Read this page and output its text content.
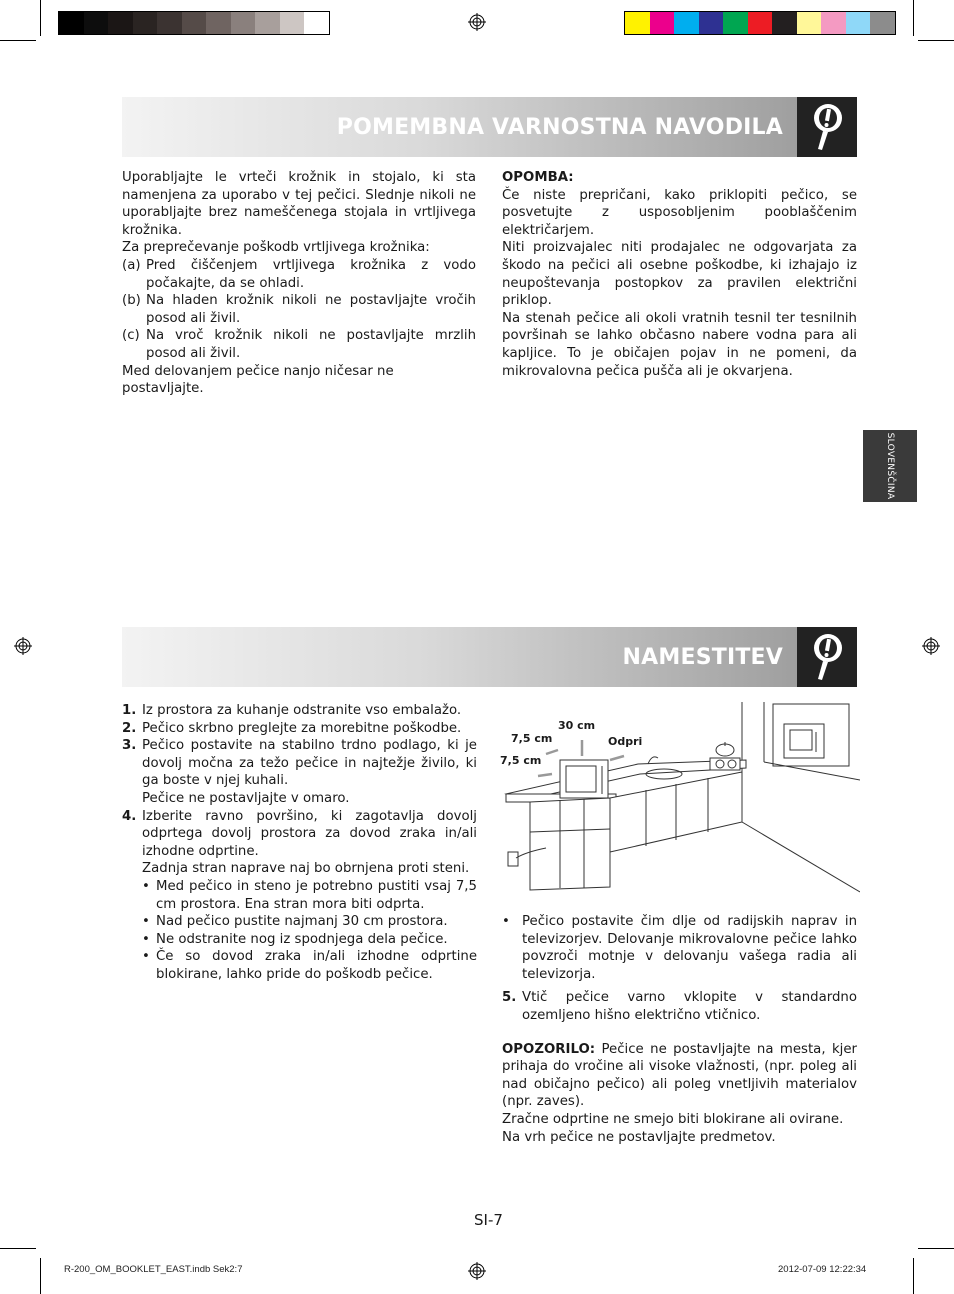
POMEMBNA VARNOSTNA NAVODILA

Uporabljajte le vrteči krožnik in stojalo, ki sta namenjena za uporabo v tej pečici. Slednje nikoli ne uporabljajte brez nameščenega stojala in vrtljivega krožnika.

Za preprečevanje poškodb vrtljivega krožnika:

(a) Pred čiščenjem vrtljivega krožnika z vodo počakajte, da se ohladi.
(b) Na hladen krožnik nikoli ne postavljajte vročih posod ali živil.
(c) Na vroč krožnik nikoli ne postavljajte mrzlih posod ali živil.

Med delovanjem pečice nanjo ničesar ne postavljajte.

OPOMBA:

Če niste prepričani, kako priklopiti pečico, se posvetujte z usposobljenim pooblaščenim električarjem.

Niti proizvajalec niti prodajalec ne odgovarjata za škodo na pečici ali osebne poškodbe, ki izhajajo iz neupoštevanja postopkov za pravilen električni priklop.

Na stenah pečice ali okoli vratnih tesnil ter tesnilnih površinah se lahko občasno nabere vodna para ali kapljice. To je običajen pojav in ne pomeni, da mikrovalovna pečica pušča ali je okvarjena.

SLOVENŠČINA
NAMESTITEV
1. Iz prostora za kuhanje odstranite vso embalažo.
2. Pečico skrbno preglejte za morebitne poškodbe.
3. Pečico postavite na stabilno trdno podlago, ki je dovolj močna za težo pečice in najtežje živilo, ki ga boste v njej kuhali.

Pečice ne postavljajte v omaro.

4. Izberite ravno površino, ki zagotavlja dovolj odprtega dovolj prostora za dovod zraka in/ali izhodne odprtine.

Zadnja stran naprave naj bo obrnjena proti steni.

• Med pečico in steno je potrebno pustiti vsaj 7,5 cm prostora. Ena stran mora biti odprta.
• Nad pečico pustite najmanj 30 cm prostora.
• Ne odstranite nog iz spodnjega dela pečice.
• Če so dovod zraka in/ali izhodne odprtine blokirane, lahko pride do poškodb pečice.
30 cm
7,5 cm
7,5 cm
Odpri
• Pečico postavite čim dlje od radijskih naprav in televizorjev. Delovanje mikrovalovne pečice lahko povzroči motnje v delovanju vašega radia ali televizorja.
5. Vtič pečice varno vklopite v standardno ozemljeno hišno električno vtičnico.

OPOZORILO: Pečice ne postavljajte na mesta, kjer prihaja do vročine ali visoke vlažnosti, (npr. poleg ali nad običajno pečico) ali poleg vnetljivih materialov (npr. zaves).

Zračne odprtine ne smejo biti blokirane ali ovirane.

Na vrh pečice ne postavljajte predmetov.

SI-7
R-200_OM_BOOKLET_EAST.indb Sek2:7	2012-07-09 12:22:34
